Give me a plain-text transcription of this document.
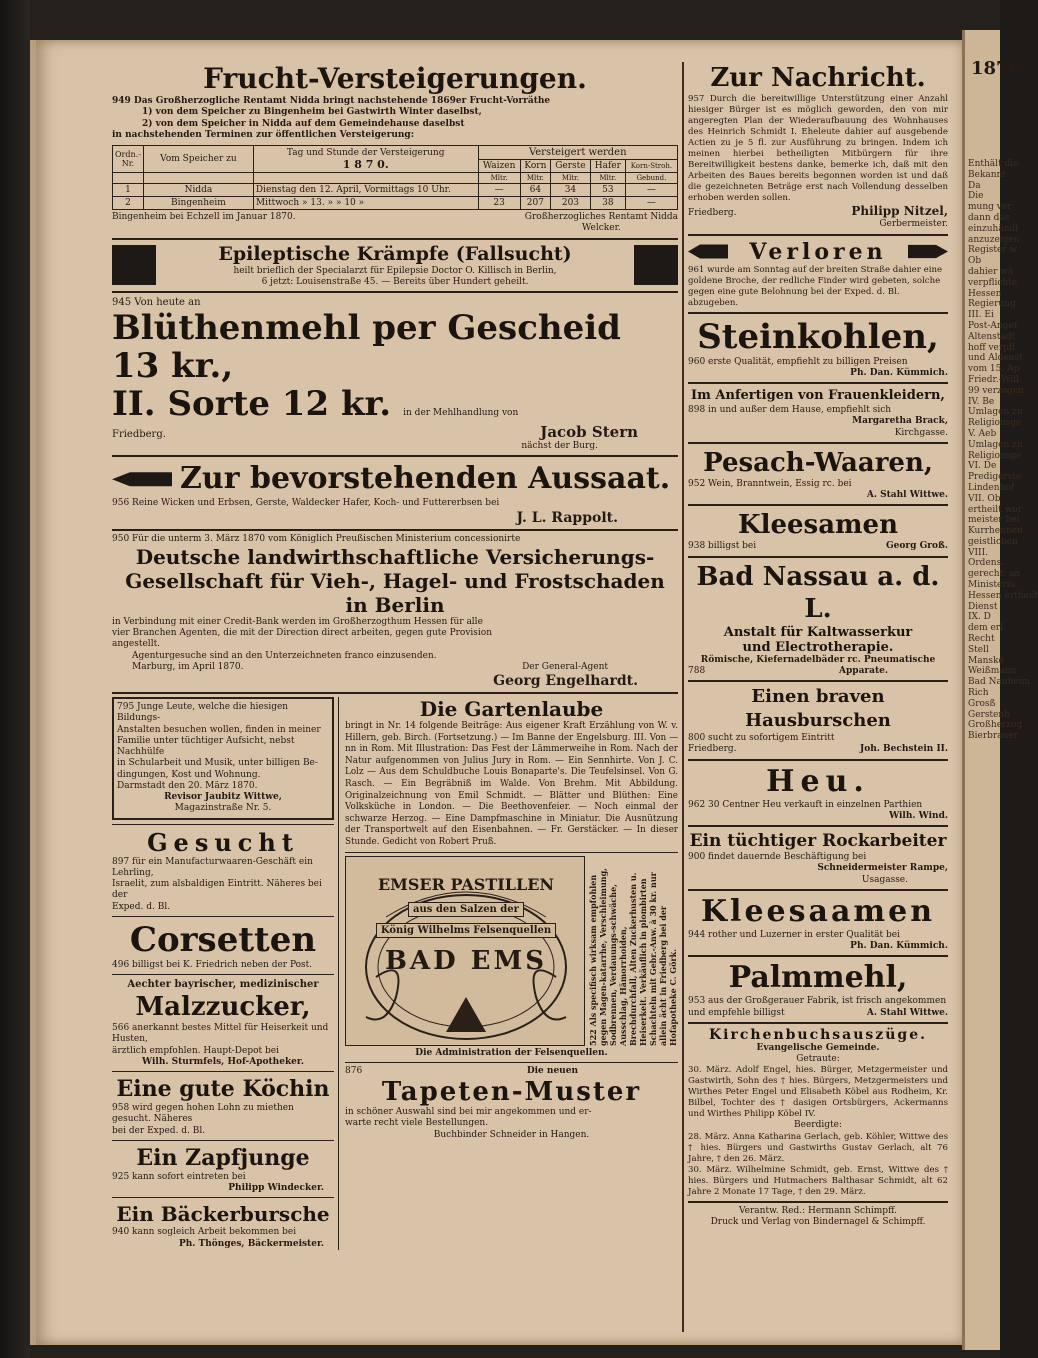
1870
Enthält die
Bekannt
Da
Die
mung ver
dann das
einzuhändi
anzuzeigen
Register w
Ob
dahier wä
verpflichte
Hessen
Regierung
III. Ei
Post-Anget
Altenstadt
hoff verpfl
und Aldenst
vom 15. Ap
Friedr.-Will
99 verzogen
IV. Be
Umlagen zu
Religionsge
V. Aeb
Umlagen zu
Religionsge
VI. De
Predigerste
Lindenhof
VII. Ob
ertheilt wor
meister bei
Kurrhennen
geistlichen
VIII.
Ordens.
gerecht: an
Ministeriu
Hessen ertheilt
Dienst
IX. D
dem erl
Recht
Stell
Manske
Weißmann
Bad Nauheim
Rich
Grosß
Gerstenb
Großherzog
Bierbrauer
Frucht-Versteigerungen.
949 Das Großherzogliche Rentamt Nidda bringt nachstehende 1869er Frucht-Vorräthe
1) von dem Speicher zu Bingenheim bei Gastwirth Winter daselbst,
2) von dem Speicher in Nidda auf dem Gemeindehause daselbst
in nachstehenden Terminen zur öffentlichen Versteigerung:
Ordn.-Nr.	Vom Speicher zu	Tag und Stunde der Versteigerung
1 8 7 0.	Versteigert werden				
			Waizen	Korn	Gerste	Hafer	Korn-Stroh.
			Mltr.	Mltr.	Mltr.	Mltr.	Gebund.
1	Nidda	Dienstag den 12. April, Vormittags 10 Uhr.	—	64	34	53	—
2	Bingenheim	Mittwoch » 13. » » 10 »	23	207	203	38	—
Bingenheim bei Echzell im Januar 1870.	Großherzogliches Rentamt Nidda
Welcker.
Epileptische Krämpfe (Fallsucht)
heilt brieflich der Specialarzt für Epilepsie Doctor O. Killisch in Berlin,
6 jetzt: Louisenstraße 45. — Bereits über Hundert geheilt.
945 Von heute an
Blüthenmehl per Gescheid 13 kr.,
II. Sorte 12 kr. in der Mehlhandlung von
Friedberg.	Jacob Stern
nächst der Burg.
Zur bevorstehenden Aussaat.
956 Reine Wicken und Erbsen, Gerste, Waldecker Hafer, Koch- und Futtererbsen bei
J. L. Rappolt.
950 Für die unterm 3. März 1870 vom Königlich Preußischen Ministerium concessionirte
Deutsche landwirthschaftliche Versicherungs-
Gesellschaft für Vieh-, Hagel- und Frostschaden
in Berlin
in Verbindung mit einer Credit-Bank werden im Großherzogthum Hessen für alle
vier Branchen Agenten, die mit der Direction direct arbeiten, gegen gute Provision
angestellt.
Agenturgesuche sind an den Unterzeichneten franco einzusenden.
Marburg, im April 1870.	Der General-Agent
Georg Engelhardt.
795 Junge Leute, welche die hiesigen Bildungs-
Anstalten besuchen wollen, finden in meiner
Familie unter tüchtiger Aufsicht, nebst Nachhülfe
in Schularbeit und Musik, unter billigen Be-
dingungen, Kost und Wohnung.
Darmstadt den 20. März 1870.
Revisor Jaubitz Wittwe,
Magazinstraße Nr. 5.
Gesucht
897 für ein Manufacturwaaren-Geschäft ein Lehrling,
Israelit, zum alsbaldigen Eintritt. Näheres bei der
Exped. d. Bl.
Corsetten
496 billigst bei K. Friedrich neben der Post.
Aechter bayrischer, medizinischer
Malzzucker,
566 anerkannt bestes Mittel für Heiserkeit und Husten,
ärztlich empfohlen. Haupt-Depot bei
Wilh. Sturmfels, Hof-Apotheker.
Eine gute Köchin
958 wird gegen hohen Lohn zu miethen gesucht. Näheres
bei der Exped. d. Bl.
Ein Zapfjunge
925 kann sofort eintreten bei
Philipp Windecker.
Ein Bäckerbursche
940 kann sogleich Arbeit bekommen bei
Ph. Thönges, Bäckermeister.
Die Gartenlaube
bringt in Nr. 14 folgende Beiträge: Aus eigener Kraft Erzählung von W. v. Hillern, geb. Birch. (Fortsetzung.) — Im Banne der Engelsburg. III. Von —nn in Rom. Mit Illustration: Das Fest der Lämmerweihe in Rom. Nach der Natur aufgenommen von Julius Jury in Rom. — Ein Sennhirte. Von J. C. Lolz — Aus dem Schuldbuche Louis Bonaparte's. Die Teufelsinsel. Von G. Rasch. — Ein Begräbniß im Walde. Von Brehm. Mit Abbildung. Originalzeichnung von Emil Schmidt. — Blätter und Blüthen: Eine Volksküche in London. — Die Beethovenfeier. — Noch einmal der schwarze Herzog. — Eine Dampfmaschine in Miniatur. Die Ausnützung der Transportwelt auf den Eisenbahnen. — Fr. Gerstäcker. — In dieser Stunde. Gedicht von Robert Pruß.
EMSER PASTILLEN
aus den Salzen der
König Wilhelms Felsenquellen
BAD EMS	522 Als specifisch wirksam empfohlen gegen Magen-katarrhe, Verschleimung, Sodbrennen, Verdauungs-schwäche, Ausschlag, Hämorrhoiden, Brechdurchfall, Alten Zuckerhusten u. Heiserkeit. Verkäuflich in plombirten Schachteln mit Gebr.-Anw. à 30 kr. nur allein ächt in Friedberg bei der Hofapotheke C. Görk.
Die Administration der Felsenquellen.
876	Die neuen
Tapeten-Muster
in schöner Auswahl sind bei mir angekommen und er-
warte recht viele Bestellungen.
Buchbinder Schneider in Hangen.
Zur Nachricht.
957 Durch die bereitwillige Unterstützung einer Anzahl hiesiger Bürger ist es möglich geworden, den von mir angeregten Plan der Wiederaufbauung des Wohnhauses des Heinrich Schmidt I. Eheleute dahier auf ausgebende Actien zu je 5 fl. zur Ausführung zu bringen. Indem ich meinen hierbei betheiligten Mitbürgern für ihre Bereitwilligkeit bestens danke, bemerke ich, daß mit den Arbeiten des Baues bereits begonnen worden ist und daß die gezeichneten Beträge erst nach Vollendung desselben erhoben werden sollen.
Friedberg.	Philipp Nitzel,
Gerbermeister.
Verloren
961 wurde am Sonntag auf der breiten Straße dahier eine goldene Broche, der redliche Finder wird gebeten, solche gegen eine gute Belohnung bei der Exped. d. Bl. abzugeben.
Steinkohlen,
960 erste Qualität, empfiehlt zu billigen Preisen
Ph. Dan. Kümmich.
Im Anfertigen von Frauenkleidern,
898 in und außer dem Hause, empfiehlt sich
Margaretha Brack,
Kirchgasse.
Pesach-Waaren,
952 Wein, Branntwein, Essig rc. bei
A. Stahl Wittwe.
Kleesamen
938 billigst bei	Georg Groß.
Bad Nassau a. d. L.
Anstalt für Kaltwasserkur
und Electrotherapie.
Römische, Kiefernadelbäder rc. Pneumatische
788	Apparate.
Einen braven Hausburschen
800 sucht zu sofortigem Eintritt
Friedberg.	Joh. Bechstein II.
Heu.
962 30 Centner Heu verkauft in einzelnen Parthien
Wilh. Wind.
Ein tüchtiger Rockarbeiter
900 findet dauernde Beschäftigung bei
Schneidermeister Rampe,
Usagasse.
Kleesaamen
944 rother und Luzerner in erster Qualität bei
Ph. Dan. Kümmich.
Palmmehl,
953 aus der Großgerauer Fabrik, ist frisch angekommen
und empfehle billigst	A. Stahl Wittwe.
Kirchenbuchsauszüge.
Evangelische Gemeinde.
Getraute:
30. März. Adolf Engel, hies. Bürger, Metzgermeister und Gastwirth, Sohn des † hies. Bürgers, Metzgermeisters und Wirthes Peter Engel und Elisabeth Köbel aus Rodheim, Kr. Bilbel, Tochter des † dasigen Ortsbürgers, Ackermanns und Wirthes Philipp Köbel IV.
Beerdigte:
28. März. Anna Katharina Gerlach, geb. Köhler, Wittwe des † hies. Bürgers und Gastwirths Gustav Gerlach, alt 76 Jahre, † den 26. März.
30. März. Wilhelmine Schmidt, geb. Ernst, Wittwe des † hies. Bürgers und Hutmachers Balthasar Schmidt, alt 62 Jahre 2 Monate 17 Tage, † den 29. März.
Verantw. Red.: Hermann Schimpff.
Druck und Verlag von Bindernagel & Schimpff.
